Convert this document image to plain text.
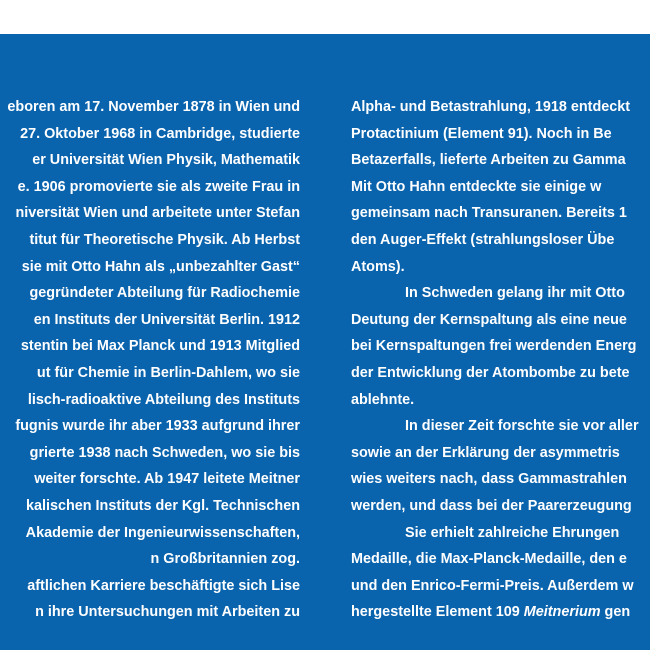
eboren am 17. November 1878 in Wien und
27. Oktober 1968 in Cambridge, studierte
er Universität Wien Physik, Mathematik
e. 1906 promovierte sie als zweite Frau in
niversität Wien und arbeitete unter Stefan
titut für Theoretische Physik. Ab Herbst
sie mit Otto Hahn als „unbezahlter Gast“
gegründeter Abteilung für Radiochemie
en Instituts der Universität Berlin. 1912
stentin bei Max Planck und 1913 Mitglied
ut für Chemie in Berlin-Dahlem, wo sie
lisch-radioaktive Abteilung des Instituts
fugnis wurde ihr aber 1933 aufgrund ihrer
grierte 1938 nach Schweden, wo sie bis
weiter forschte. Ab 1947 leitete Meitner
kalischen Instituts der Kgl. Technischen
Akademie der Ingenieurwissenschaften,
n Großbritannien zog.
aftlichen Karriere beschäftigte sich Lise
n ihre Untersuchungen mit Arbeiten zu
Alpha- und Betastrahlung, 1918 entdeckt
Protactinium (Element 91). Noch in Be
Betazerfalls, lieferte Arbeiten zu Gamma
Mit Otto Hahn entdeckte sie einige w
gemeinsam nach Transuranen. Bereits 1
den Auger-Effekt (strahlungsloser Übe
Atoms).
In Schweden gelang ihr mit Otto
Deutung der Kernspaltung als eine neue
bei Kernspaltungen frei werdenden Energ
der Entwicklung der Atombombe zu bete
ablehnte.
In dieser Zeit forschte sie vor aller
sowie an der Erklärung der asymmetris
wies weiters nach, dass Gammastrahlen
werden, und dass bei der Paarerzeugung
Sie erhielt zahlreiche Ehrungen
Medaille, die Max-Planck-Medaille, den e
und den Enrico-Fermi-Preis. Außerdem w
hergestellte Element 109 Meitnerium gen
